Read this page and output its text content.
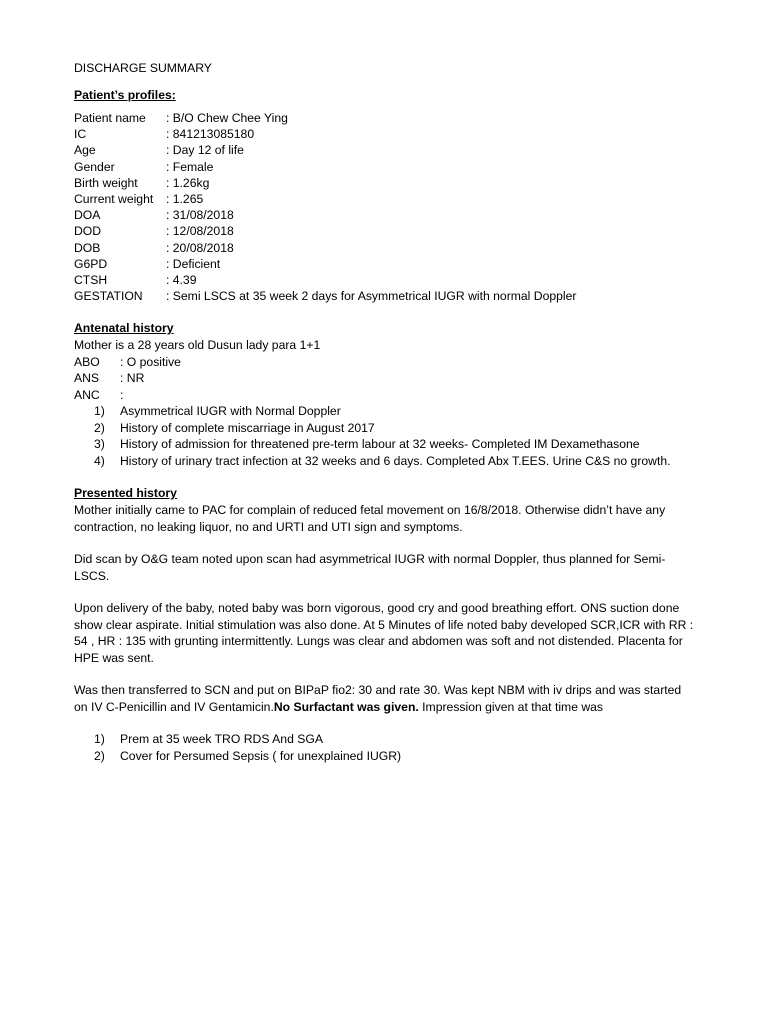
DISCHARGE SUMMARY

Patient’s profiles:

Patient name	: B/O Chew Chee Ying
IC	: 841213085180
Age	: Day 12 of life
Gender	: Female
Birth weight	: 1.26kg
Current weight	: 1.265
DOA	: 31/08/2018
DOD	: 12/08/2018
DOB	: 20/08/2018
G6PD	: Deficient
CTSH	: 4.39
GESTATION	: Semi LSCS at 35 week 2 days for Asymmetrical IUGR with normal Doppler

Antenatal history

Mother is a 28 years old Dusun lady para 1+1

ABO	: O positive
ANS	: NR
ANC	:
1)	Asymmetrical IUGR with Normal Doppler
2)	History of complete miscarriage in August 2017
3)	History of admission for threatened pre-term labour at 32 weeks- Completed IM Dexamethasone
4)	History of urinary tract infection at 32 weeks and 6 days. Completed Abx T.EES. Urine C&S no growth.

Presented history

Mother initially came to PAC for complain of reduced fetal movement on 16/8/2018. Otherwise didn’t have any contraction, no leaking liquor, no and URTI and UTI sign and symptoms.

Did scan by O&G team noted upon scan had asymmetrical IUGR with normal Doppler, thus planned for Semi-LSCS.

Upon delivery of the baby, noted baby was born vigorous, good cry and good breathing effort. ONS suction done show clear aspirate. Initial stimulation was also done. At 5 Minutes of life noted baby developed SCR,ICR with RR : 54 , HR : 135 with grunting intermittently. Lungs was clear and abdomen was soft and not distended. Placenta for HPE was sent.

Was then transferred to SCN and put on BIPaP fio2: 30 and rate 30. Was kept NBM with iv drips and was started on IV C-Penicillin and IV Gentamicin.No Surfactant was given. Impression given at that time was

1)	Prem at 35 week TRO RDS And SGA
2)	Cover for Persumed Sepsis ( for unexplained IUGR)
